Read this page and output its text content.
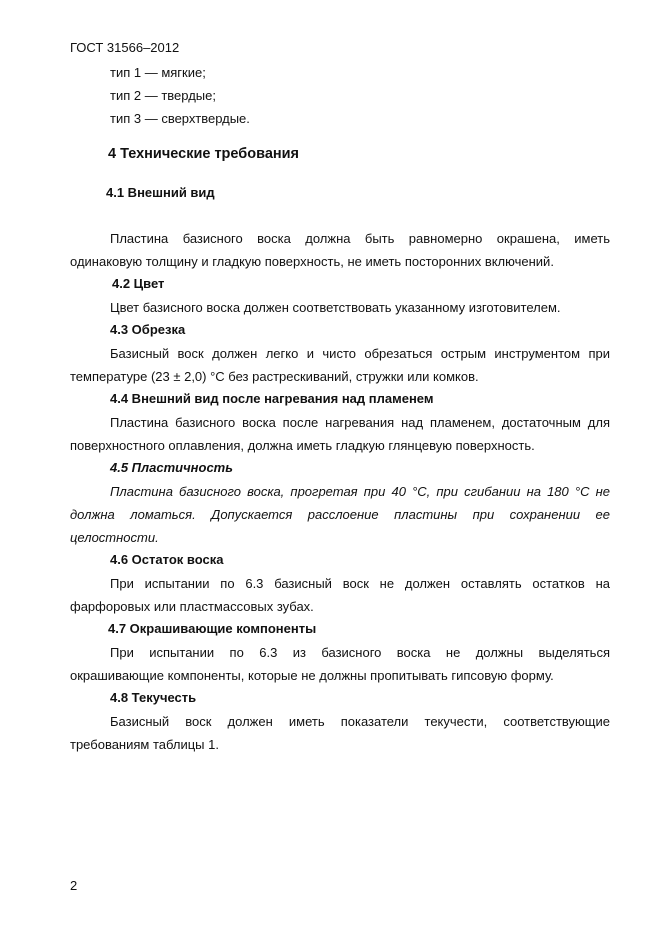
ГОСТ 31566–2012

тип 1 — мягкие;

тип 2 — твердые;

тип 3 — сверхтвердые.

4 Технические требования

4.1 Внешний вид

Пластина базисного воска должна быть равномерно окрашена, иметь
одинаковую толщину и гладкую поверхность, не иметь посторонних включений.

4.2 Цвет

Цвет базисного воска должен соответствовать указанному изготовителем.

4.3 Обрезка

Базисный воск должен легко и чисто обрезаться острым инструментом при
температуре (23 ± 2,0) °С без растрескиваний, стружки или комков.

4.4 Внешний вид после нагревания над пламенем

Пластина базисного воска после нагревания над пламенем, достаточным для
поверхностного оплавления, должна иметь гладкую глянцевую поверхность.

4.5 Пластичность

Пластина базисного воска, прогретая при 40 °С, при сгибании на 180 °С не
должна ломаться. Допускается расслоение пластины при сохранении ее
целостности.

4.6 Остаток воска

При испытании по 6.3 базисный воск не должен оставлять остатков на
фарфоровых или пластмассовых зубах.

4.7 Окрашивающие компоненты

При испытании по 6.3 из базисного воска не должны выделяться
окрашивающие компоненты, которые не должны пропитывать гипсовую форму.

4.8 Текучесть

Базисный воск должен иметь показатели текучести, соответствующие
требованиям таблицы 1.

2
